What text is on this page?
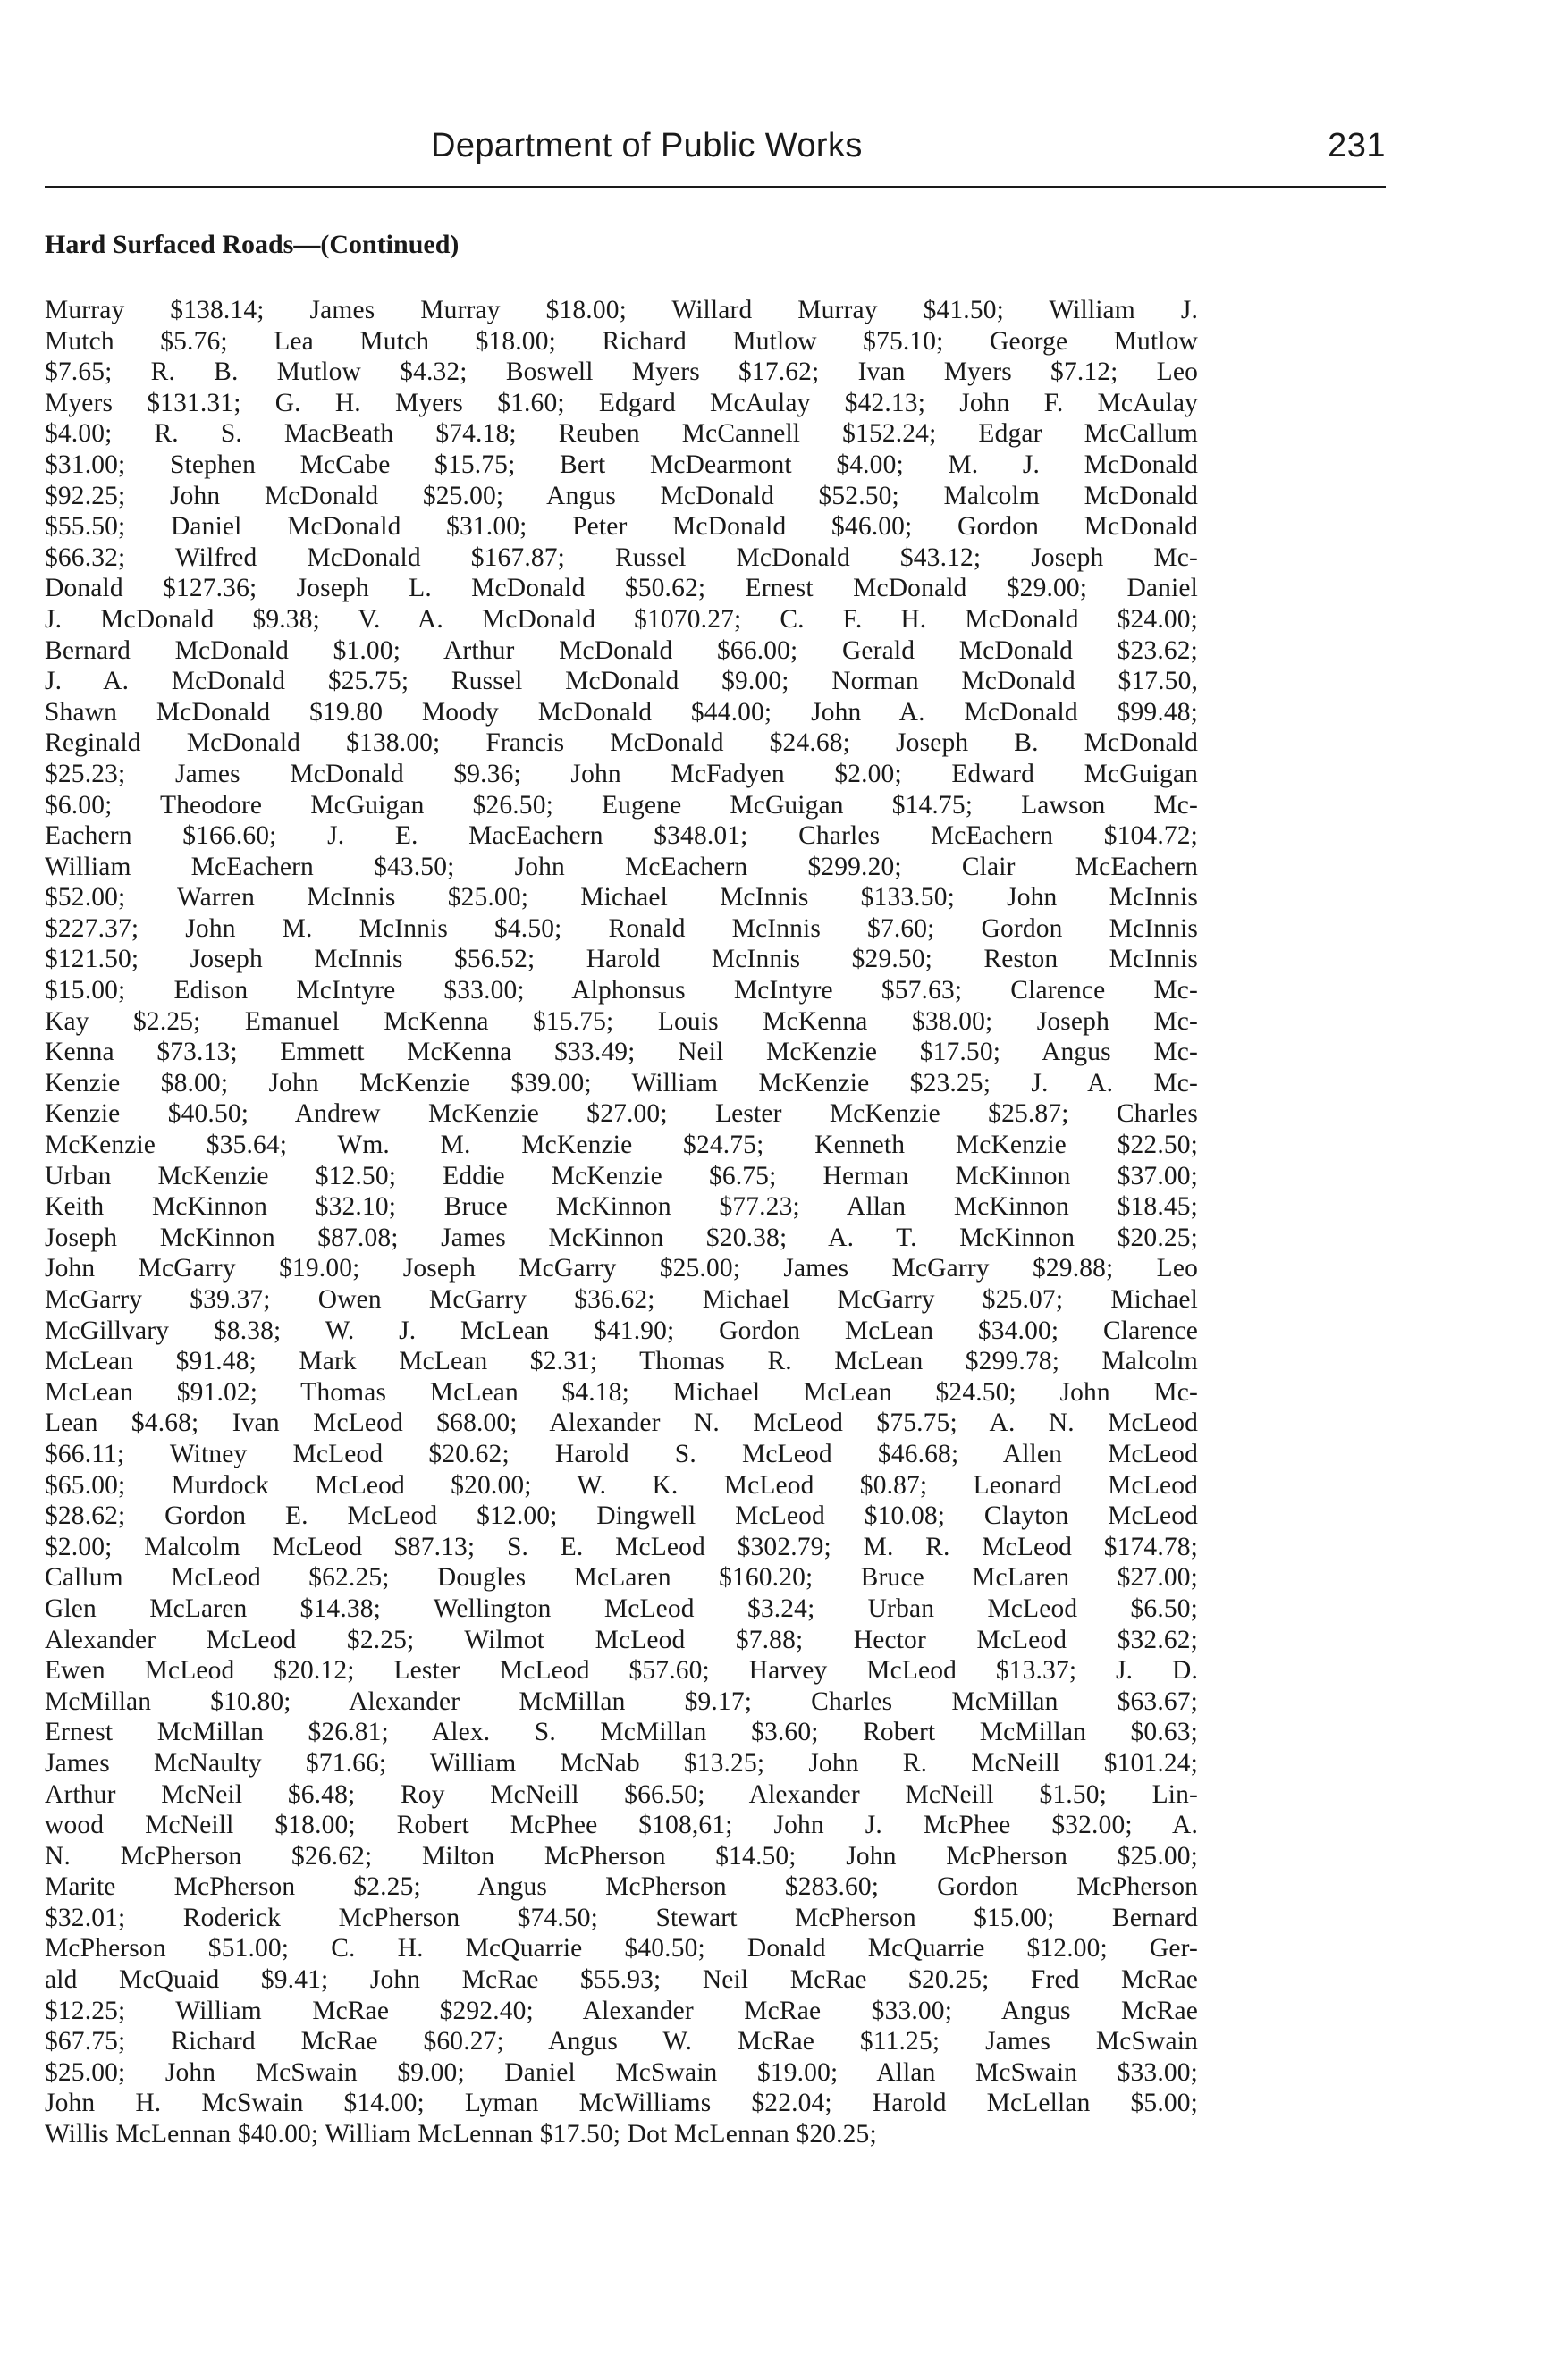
Department of Public Works	231
Hard Surfaced Roads—(Continued)
Murray $138.14; James Murray $18.00; Willard Murray $41.50; William J.
Mutch $5.76; Lea Mutch $18.00; Richard Mutlow $75.10; George Mutlow
$7.65; R. B. Mutlow $4.32; Boswell Myers $17.62; Ivan Myers $7.12; Leo
Myers $131.31; G. H. Myers $1.60; Edgard McAulay $42.13; John F. McAulay
$4.00; R. S. MacBeath $74.18; Reuben McCannell $152.24; Edgar McCallum
$31.00; Stephen McCabe $15.75; Bert McDearmont $4.00; M. J. McDonald
$92.25; John McDonald $25.00; Angus McDonald $52.50; Malcolm McDonald
$55.50; Daniel McDonald $31.00; Peter McDonald $46.00; Gordon McDonald
$66.32; Wilfred McDonald $167.87; Russel McDonald $43.12; Joseph Mc-
Donald $127.36; Joseph L. McDonald $50.62; Ernest McDonald $29.00; Daniel
J. McDonald $9.38; V. A. McDonald $1070.27; C. F. H. McDonald $24.00;
Bernard McDonald $1.00; Arthur McDonald $66.00; Gerald McDonald $23.62;
J. A. McDonald $25.75; Russel McDonald $9.00; Norman McDonald $17.50,
Shawn McDonald $19.80 Moody McDonald $44.00; John A. McDonald $99.48;
Reginald McDonald $138.00; Francis McDonald $24.68; Joseph B. McDonald
$25.23; James McDonald $9.36; John McFadyen $2.00; Edward McGuigan
$6.00; Theodore McGuigan $26.50; Eugene McGuigan $14.75; Lawson Mc-
Eachern $166.60; J. E. MacEachern $348.01; Charles McEachern $104.72;
William McEachern $43.50; John McEachern $299.20; Clair McEachern
$52.00; Warren McInnis $25.00; Michael McInnis $133.50; John McInnis
$227.37; John M. McInnis $4.50; Ronald McInnis $7.60; Gordon McInnis
$121.50; Joseph McInnis $56.52; Harold McInnis $29.50; Reston McInnis
$15.00; Edison McIntyre $33.00; Alphonsus McIntyre $57.63; Clarence Mc-
Kay $2.25; Emanuel McKenna $15.75; Louis McKenna $38.00; Joseph Mc-
Kenna $73.13; Emmett McKenna $33.49; Neil McKenzie $17.50; Angus Mc-
Kenzie $8.00; John McKenzie $39.00; William McKenzie $23.25; J. A. Mc-
Kenzie $40.50; Andrew McKenzie $27.00; Lester McKenzie $25.87; Charles
McKenzie $35.64; Wm. M. McKenzie $24.75; Kenneth McKenzie $22.50;
Urban McKenzie $12.50; Eddie McKenzie $6.75; Herman McKinnon $37.00;
Keith McKinnon $32.10; Bruce McKinnon $77.23; Allan McKinnon $18.45;
Joseph McKinnon $87.08; James McKinnon $20.38; A. T. McKinnon $20.25;
John McGarry $19.00; Joseph McGarry $25.00; James McGarry $29.88; Leo
McGarry $39.37; Owen McGarry $36.62; Michael McGarry $25.07; Michael
McGillvary $8.38; W. J. McLean $41.90; Gordon McLean $34.00; Clarence
McLean $91.48; Mark McLean $2.31; Thomas R. McLean $299.78; Malcolm
McLean $91.02; Thomas McLean $4.18; Michael McLean $24.50; John Mc-
Lean $4.68; Ivan McLeod $68.00; Alexander N. McLeod $75.75; A. N. McLeod
$66.11; Witney McLeod $20.62; Harold S. McLeod $46.68; Allen McLeod
$65.00; Murdock McLeod $20.00; W. K. McLeod $0.87; Leonard McLeod
$28.62; Gordon E. McLeod $12.00; Dingwell McLeod $10.08; Clayton McLeod
$2.00; Malcolm McLeod $87.13; S. E. McLeod $302.79; M. R. McLeod $174.78;
Callum McLeod $62.25; Dougles McLaren $160.20; Bruce McLaren $27.00;
Glen McLaren $14.38; Wellington McLeod $3.24; Urban McLeod $6.50;
Alexander McLeod $2.25; Wilmot McLeod $7.88; Hector McLeod $32.62;
Ewen McLeod $20.12; Lester McLeod $57.60; Harvey McLeod $13.37; J. D.
McMillan $10.80; Alexander McMillan $9.17; Charles McMillan $63.67;
Ernest McMillan $26.81; Alex. S. McMillan $3.60; Robert McMillan $0.63;
James McNaulty $71.66; William McNab $13.25; John R. McNeill $101.24;
Arthur McNeil $6.48; Roy McNeill $66.50; Alexander McNeill $1.50; Lin-
wood McNeill $18.00; Robert McPhee $108,61; John J. McPhee $32.00; A.
N. McPherson $26.62; Milton McPherson $14.50; John McPherson $25.00;
Marite McPherson $2.25; Angus McPherson $283.60; Gordon McPherson
$32.01; Roderick McPherson $74.50; Stewart McPherson $15.00; Bernard
McPherson $51.00; C. H. McQuarrie $40.50; Donald McQuarrie $12.00; Ger-
ald McQuaid $9.41; John McRae $55.93; Neil McRae $20.25; Fred McRae
$12.25; William McRae $292.40; Alexander McRae $33.00; Angus McRae
$67.75; Richard McRae $60.27; Angus W. McRae $11.25; James McSwain
$25.00; John McSwain $9.00; Daniel McSwain $19.00; Allan McSwain $33.00;
John H. McSwain $14.00; Lyman McWilliams $22.04; Harold McLellan $5.00;
Willis McLennan $40.00; William McLennan $17.50; Dot McLennan $20.25;
